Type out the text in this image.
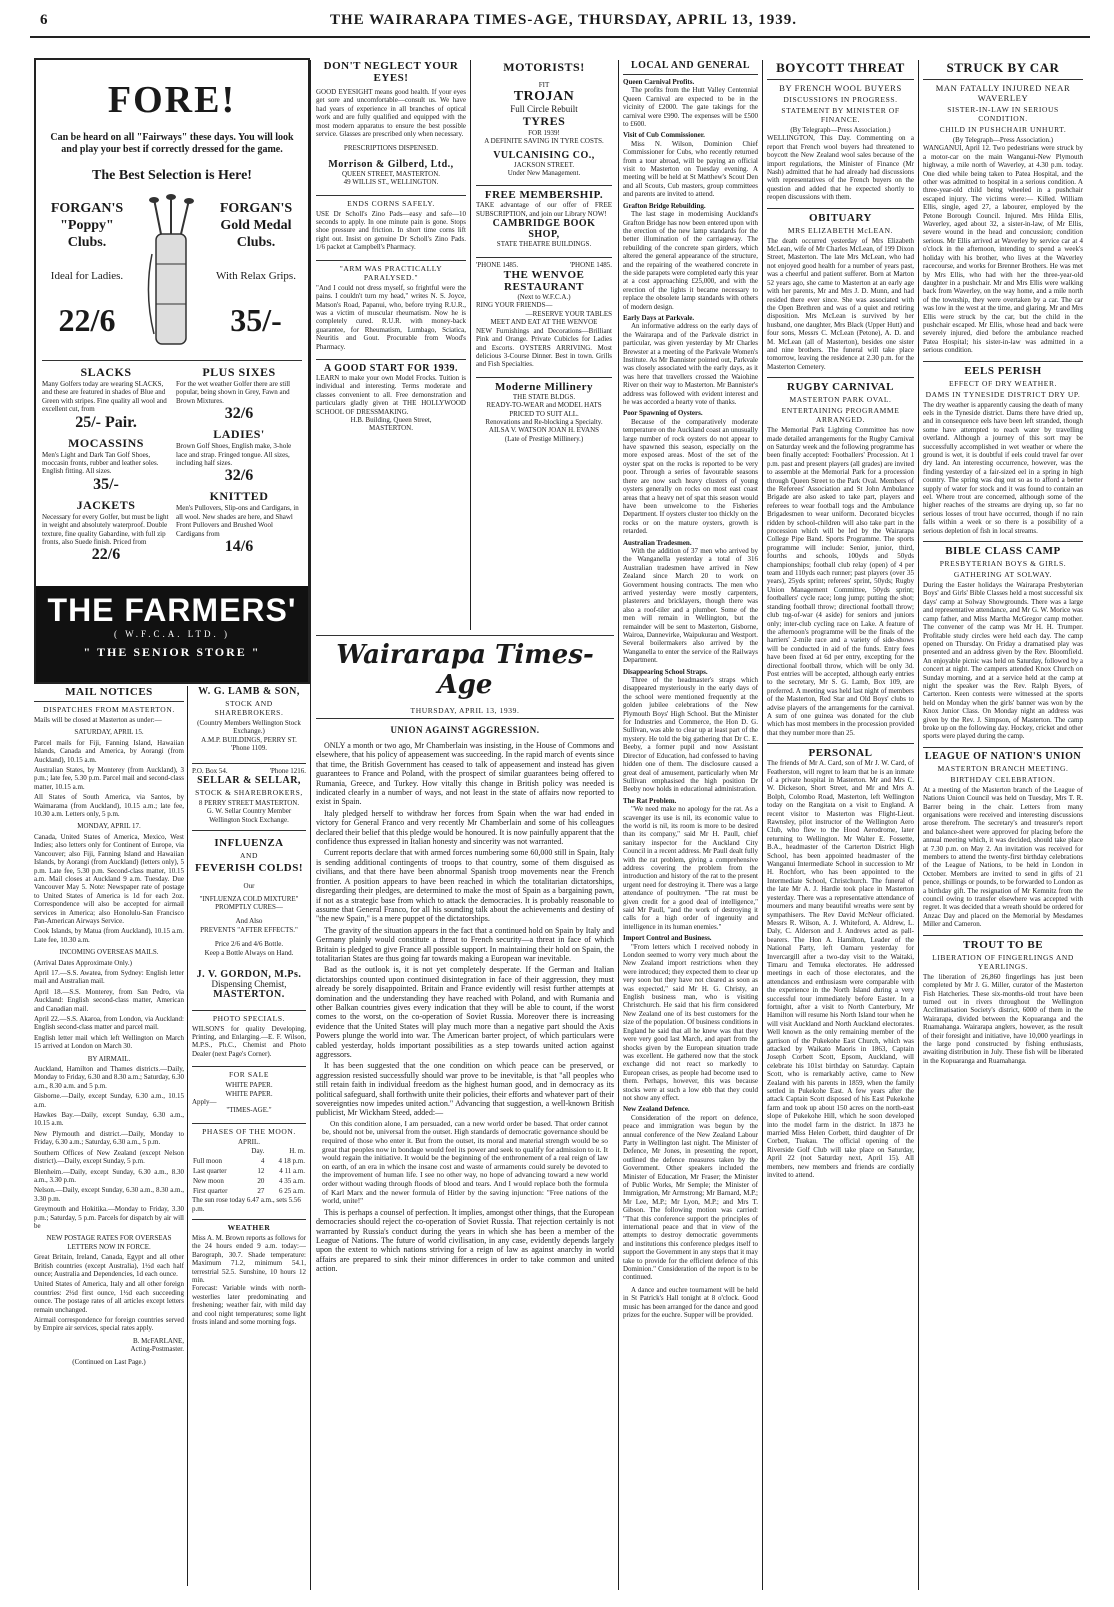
6	THE WAIRARAPA TIMES-AGE, THURSDAY, APRIL 13, 1939.
FORE!
Can be heard on all "Fairways" these days. You will look and play your best if correctly dressed for the game.
The Best Selection is Here!
FORGAN'S "Poppy" Clubs.
Ideal for Ladies.
22/6
FORGAN'S Gold Medal Clubs.
With Relax Grips.
35/-
SLACKS
Many Golfers today are wearing SLACKS, and these are featured in shades of Blue and Green with stripes. Fine quality all wool and excellent cut, from
25/- Pair.
MOCASSINS
Men's Light and Dark Tan Golf Shoes, moccasin fronts, rubber and leather soles. English fitting. All sizes.
35/-
JACKETS
Necessary for every Golfer, but must be light in weight and absolutely waterproof. Double texture, fine quality Gabardine, with full zip fronts, also Suede finish. Priced from
22/6
PLUS SIXES
For the wet weather Golfer there are still popular, being shown in Grey, Fawn and Brown Mixtures.
32/6
LADIES'
Brown Golf Shoes, English make, 3-hole lace and strap. Fringed tongue. All sizes, including half sizes.
32/6
KNITTED
Men's Pullovers, Slip-ons and Cardigans, in all wool. New shades are here, and Shawl Front Pullovers and Brushed Wool Cardigans from
14/6
THE FARMERS'
( W.F.C.A. LTD. )
" THE SENIOR STORE "
MAIL NOTICES
DISPATCHES FROM MASTERTON.

Mails will be closed at Masterton as under:—

SATURDAY, APRIL 15.

Parcel mails for Fiji, Fanning Island, Hawaiian Islands, Canada and America, by Aorangi (from Auckland), 10.15 a.m.

Australian States, by Monterey (from Auckland), 3 p.m.; late fee, 5.30 p.m. Parcel mail and second-class matter, 10.15 a.m.

All States of South America, via Santos, by Waimarama (from Auckland), 10.15 a.m.; late fee, 10.30 a.m. Letters only, 5 p.m.

MONDAY, APRIL 17.

Canada, United States of America, Mexico, West Indies; also letters only for Continent of Europe, via Vancouver; also Fiji, Fanning Island and Hawaiian Islands, by Aorangi (from Auckland) (letters only), 5 p.m. Late fee, 5.30 p.m. Second-class matter, 10.15 a.m. Mail closes at Auckland 9 a.m. Tuesday. Due Vancouver May 5. Note: Newspaper rate of postage to United States of America is 1d for each 2oz. Correspondence will also be accepted for airmail services in America; also Honolulu-San Francisco Pan-American Airways Service.

Cook Islands, by Matua (from Auckland), 10.15 a.m. Late fee, 10.30 a.m.

INCOMING OVERSEAS MAILS.

(Arrival Dates Approximate Only.)

April 17.—S.S. Awatea, from Sydney: English letter mail and Australian mail.

April 18.—S.S. Monterey, from San Pedro, via Auckland: English second-class matter, American and Canadian mail.

April 22.—S.S. Akaroa, from London, via Auckland: English second-class matter and parcel mail.

English letter mail which left Wellington on March 15 arrived at London on March 30.

BY AIRMAIL.

Auckland, Hamilton and Thames districts.—Daily, Monday to Friday, 6.30 and 8.30 a.m.; Saturday, 6.30 a.m., 8.30 a.m. and 5 p.m.

Gisborne.—Daily, except Sunday, 6.30 a.m., 10.15 a.m.

Hawkes Bay.—Daily, except Sunday, 6.30 a.m., 10.15 a.m.

New Plymouth and district.—Daily, Monday to Friday, 6.30 a.m.; Saturday, 6.30 a.m., 5 p.m.

Southern Offices of New Zealand (except Nelson district).—Daily, except Sunday, 5 p.m.

Blenheim.—Daily, except Sunday, 6.30 a.m., 8.30 a.m., 3.30 p.m.

Nelson.—Daily, except Sunday, 6.30 a.m., 8.30 a.m., 3.30 p.m.

Greymouth and Hokitika.—Monday to Friday, 3.30 p.m.; Saturday, 5 p.m. Parcels for dispatch by air will be

NEW POSTAGE RATES FOR OVERSEAS LETTERS NOW IN FORCE.

Great Britain, Ireland, Canada, Egypt and all other British countries (except Australia), 1½d each half ounce; Australia and Dependencies, 1d each ounce.

United States of America, Italy and all other foreign countries: 2½d first ounce, 1½d each succeeding ounce. The postage rates of all articles except letters remain unchanged.

Airmail correspondence for foreign countries served by Empire air services, special rates apply.

B. McFARLANE,
Acting-Postmaster.
(Continued on Last Page.)
W. G. LAMB & SON,
STOCK AND SHAREBROKERS.
(Country Members Wellington Stock Exchange.)
A.M.P. BUILDINGS, PERRY ST.
'Phone 1109.
P.O. Box 54.	'Phone 1216.
SELLAR & SELLAR,
STOCK & SHAREBROKERS,
8 PERRY STREET MASTERTON.
G. W. Sellar Country Member Wellington Stock Exchange.
INFLUENZA
AND
FEVERISH COLDS!
Our
"INFLUENZA COLD MIXTURE"
PROMPTLY CURES—
And Also
PREVENTS "AFTER EFFECTS."
Price 2/6 and 4/6 Bottle.
Keep a Bottle Always on Hand.
J. V. GORDON, M.Ps.
Dispensing Chemist,
MASTERTON.
PHOTO SPECIALS.
WILSON'S for quality Developing, Printing, and Enlarging.—E. F. Wilson, M.P.S., Ph.C., Chemist and Photo Dealer (next Page's Corner).
FOR SALE
WHITE PAPER.
WHITE PAPER.
Apply—
"TIMES-AGE."
PHASES OF THE MOON.
APRIL.
	Day.	H. m.
Full moon	4	4 18 p.m.
Last quarter	12	4 11 a.m.
New moon	20	4 35 a.m.
First quarter	27	6 25 a.m.
The sun rose today 6.47 a.m., sets 5.56 p.m.
WEATHER
Miss A. M. Brown reports as follows for the 24 hours ended 9 a.m. today:— Barograph, 30.7. Shade temperature: Maximum 71.2, minimum 54.1, terrestrial 52.5. Sunshine, 10 hours 12 min.
Forecast: Variable winds with north-westerlies later predominating and freshening; weather fair, with mild day and cool night temperatures; some light frosts inland and some morning fogs.
DON'T NEGLECT YOUR EYES!
GOOD EYESIGHT means good health. If your eyes get sore and uncomfortable—consult us. We have had years of experience in all branches of optical work and are fully qualified and equipped with the most modern apparatus to ensure the best possible service. Glasses are prescribed only when necessary.
PRESCRIPTIONS DISPENSED.
Morrison & Gilberd, Ltd.,
QUEEN STREET, MASTERTON.
49 WILLIS ST., WELLINGTON.
ENDS CORNS SAFELY.
USE Dr Scholl's Zino Pads—easy and safe—10 seconds to apply. In one minute pain is gone. Stops shoe pressure and friction. In short time corns lift right out. Insist on genuine Dr Scholl's Zino Pads. 1/6 packet at Campbell's Pharmacy.
"ARM WAS PRACTICALLY PARALYSED."
"And I could not dress myself, so frightful were the pains. I couldn't turn my head," writes N. S. Joyce, Matson's Road, Papanui, who, before trying R.U.R., was a victim of muscular rheumatism. Now he is completely cured. R.U.R. with money-back guarantee, for Rheumatism, Lumbago, Sciatica, Neuritis and Gout. Procurable from Wood's Pharmacy.
A GOOD START FOR 1939.
LEARN to make your own Model Frocks. Tuition is individual and interesting. Terms moderate and classes convenient to all. Free demonstration and particulars gladly given at THE HOLLYWOOD SCHOOL OF DRESSMAKING.
H.B. Building, Queen Street,
MASTERTON.
MOTORISTS!
FIT
TROJAN
Full Circle Rebuilt
TYRES
FOR 1939!
A DEFINITE SAVING IN TYRE COSTS.
VULCANISING CO.,
JACKSON STREET.
Under New Management.
FREE MEMBERSHIP.
TAKE advantage of our offer of FREE SUBSCRIPTION, and join our Library NOW!
CAMBRIDGE BOOK SHOP,
STATE THEATRE BUILDINGS.
'PHONE 1485.	'PHONE 1485.
THE WENVOE RESTAURANT
(Next to W.F.C.A.)
RING YOUR FRIENDS—
—RESERVE YOUR TABLES
MEET AND EAT AT THE WENVOE
NEW Furnishings and Decorations—Brilliant Pink and Orange. Private Cubicles for Ladies and Escorts. OYSTERS ARRIVING. Most delicious 3-Course Dinner. Best in town. Grills and Fish Specialties.
Moderne Millinery
THE STATE BLDGS.
READY-TO-WEAR and MODEL HATS PRICED TO SUIT ALL.
Renovations and Re-blocking a Specialty.
AILSA V. WATSON JOAN H. EVANS
(Late of Prestige Millinery.)
Wairarapa Times-Age
THURSDAY, APRIL 13, 1939.
UNION AGAINST AGGRESSION.

ONLY a month or two ago, Mr Chamberlain was insisting, in the House of Commons and elsewhere, that his policy of appeasement was succeeding. In the rapid march of events since that time, the British Government has ceased to talk of appeasement and instead has given guarantees to France and Poland, with the prospect of similar guarantees being offered to Rumania, Greece, and Turkey. How vitally this change in British policy was needed is indicated clearly in a number of ways, and not least in the state of affairs now reported to exist in Spain.

Italy pledged herself to withdraw her forces from Spain when the war had ended in victory for General Franco and very recently Mr Chamberlain and some of his colleagues declared their belief that this pledge would be honoured. It is now painfully apparent that the confidence thus expressed in Italian honesty and sincerity was not warranted.

Current reports declare that with armed forces numbering some 60,000 still in Spain, Italy is sending additional contingents of troops to that country, some of them disguised as civilians, and that there have been abnormal Spanish troop movements near the French frontier. A position appears to have been reached in which the totalitarian dictatorships, disregarding their pledges, are determined to make the most of Spain as a bargaining pawn, if not as a strategic base from which to attack the democracies. It is probably reasonable to assume that General Franco, for all his sounding talk about the achievements and destiny of "the new Spain," is a mere puppet of the dictatorships.

The gravity of the situation appears in the fact that a continued hold on Spain by Italy and Germany plainly would constitute a threat to French security—a threat in face of which Britain is pledged to give France all possible support. In maintaining their hold on Spain, the totalitarian States are thus going far towards making a European war inevitable.

Bad as the outlook is, it is not yet completely desperate. If the German and Italian dictatorships counted upon continued disintegration in face of their aggression, they must already be sorely disappointed. Britain and France evidently will resist further attempts at domination and the understanding they have reached with Poland, and with Rumania and other Balkan countries gives every indication that they will be able to count, if the worst comes to the worst, on the co-operation of Soviet Russia. Moreover there is increasing evidence that the United States will play much more than a negative part should the Axis Powers plunge the world into war. The American barter project, of which particulars were cabled yesterday, holds important possibilities as a step towards united action against aggressors.

It has been suggested that the one condition on which peace can be preserved, or aggression resisted successfully should war prove to be inevitable, is that "all peoples who still retain faith in individual freedom as the highest human good, and in democracy as its political safeguard, shall forthwith unite their policies, their efforts and whatever part of their sovereignties now impedes united action." Advancing that suggestion, a well-known British publicist, Mr Wickham Steed, added:—

On this condition alone, I am persuaded, can a new world order be based. That order cannot be, should not be, universal from the outset. High standards of democratic governance should be required of those who enter it. But from the outset, its moral and material strength would be so great that peoples now in bondage would feel its power and seek to qualify for admission to it. It would regain the initiative. It would be the beginning of the enthronement of a real reign of law on earth, of an era in which the insane cost and waste of armaments could surely be devoted to the improvement of human life. I see no other way, no hope of advancing toward a new world order without wading through floods of blood and tears. And I would replace both the formula of Karl Marx and the newer formula of Hitler by the saving injunction: "Free nations of the world, unite!"

This is perhaps a counsel of perfection. It implies, amongst other things, that the European democracies should reject the co-operation of Soviet Russia. That rejection certainly is not warranted by Russia's conduct during the years in which she has been a member of the League of Nations. The future of world civilisation, in any case, evidently depends largely upon the extent to which nations striving for a reign of law as against anarchy in world affairs are prepared to sink their minor differences in order to take common and united action.

LOCAL AND GENERAL
Queen Carnival Profits.

The profits from the Hutt Valley Centennial Queen Carnival are expected to be in the vicinity of £2000. The gate takings for the carnival were £990. The expenses will be £500 to £600.

Visit of Cub Commissioner.

Miss N. Wilson, Dominion Chief Commissioner for Cubs, who recently returned from a tour abroad, will be paying an official visit to Masterton on Tuesday evening. A meeting will be held at St Matthew's Scout Den and all Scouts, Cub masters, group committees and parents are invited to attend.

Grafton Bridge Rebuilding.

The last stage in modernising Auckland's Grafton Bridge has now been entered upon with the erection of the new lamp standards for the better illumination of the carriageway. The rebuilding of the concrete span girders, which altered the general appearance of the structure, and the repairing of the weathered concrete in the side parapets were completed early this year at a cost approaching £25,000, and with the erection of the lights it became necessary to replace the obsolete lamp standards with others of modern design.

Early Days at Parkvale.

An informative address on the early days of the Wairarapa and of the Parkvale district in particular, was given yesterday by Mr Charles Brewster at a meeting of the Parkvale Women's Institute. As Mr Bannister pointed out, Parkvale was closely associated with the early days, as it was here that travellers crossed the Waiohine River on their way to Masterton. Mr Bannister's address was followed with evident interest and he was accorded a hearty vote of thanks.

Poor Spawning of Oysters.

Because of the comparatively moderate temperature on the Auckland coast an unusually large number of rock oysters do not appear to have spawned this season, especially on the more exposed areas. Most of the set of the oyster spat on the rocks is reported to be very poor. Through a series of favourable seasons there are now such heavy clusters of young oysters generally on rocks on most east coast areas that a heavy net of spat this season would have been unwelcome to the Fisheries Department. If oysters cluster too thickly on the rocks or on the mature oysters, growth is retarded.

Australian Tradesmen.

With the addition of 37 men who arrived by the Wanganella yesterday a total of 316 Australian tradesmen have arrived in New Zealand since March 20 to work on Government housing contracts. The men who arrived yesterday were mostly carpenters, plasterers and bricklayers, though there was also a roof-tiler and a plumber. Some of the men will remain in Wellington, but the remainder will be sent to Masterton, Gisborne, Wairoa, Dannevirke, Waipukurau and Westport. Several boilermakers also arrived by the Wanganella to enter the service of the Railways Department.

Disappearing School Straps.

Three of the headmaster's straps which disappeared mysteriously in the early days of the school were mentioned frequently at the golden jubilee celebrations of the New Plymouth Boys' High School. But the Minister for Industries and Commerce, the Hon D. G. Sullivan, was able to clear up at least part of the mystery. He told the big gathering that Dr C. E. Beeby, a former pupil and now Assistant Director of Education, had confessed to having hidden one of them. The disclosure caused a great deal of amusement, particularly when Mr Sullivan emphasised the high position Dr Beeby now holds in educational administration.

The Rat Problem.

"We need make no apology for the rat. As a scavenger its use is nil, its economic value to the world is nil, its room is more to be desired than its company," said Mr H. Paull, chief sanitary inspector for the Auckland City Council in a recent address. Mr Paull dealt fully with the rat problem, giving a comprehensive address covering the problem from the introduction and history of the rat to the present urgent need for destroying it. There was a large attendance of poultrymen. "The rat must be given credit for a good deal of intelligence," said Mr Paull, "and the work of destroying it calls for a high order of ingenuity and intelligence in its human enemies."

Import Control and Business.

"From letters which I received nobody in London seemed to worry very much about the New Zealand import restrictions when they were introduced; they expected them to clear up very soon but they have not cleared as soon as was expected," said Mr H. G. Christy, an English business man, who is visiting Christchurch. He said that his firm considered New Zealand one of its best customers for the size of the population. Of business conditions in England he said that all he knew was that they were very good last March, and apart from the shocks given by the European situation trade was excellent. He gathered now that the stock exchange did not react so markedly to European crises, as people had become used to them. Perhaps, however, this was because stocks were at such a low ebb that they could not show any effect.

New Zealand Defence.

Consideration of the report on defence, peace and immigration was begun by the annual conference of the New Zealand Labour Party in Wellington last night. The Minister of Defence, Mr Jones, in presenting the report, outlined the defence measures taken by the Government. Other speakers included the Minister of Education, Mr Fraser; the Minister of Public Works, Mr Semple; the Minister of Immigration, Mr Armstrong; Mr Barnard, M.P.; Mr Lee, M.P.; Mr Lyon, M.P.; and Mrs T. Gibson. The following motion was carried: "That this conference support the principles of international peace and that in view of the attempts to destroy democratic governments and institutions this conference pledges itself to support the Government in any steps that it may take to provide for the efficient defence of this Dominion." Consideration of the report is to be continued.

A dance and euchre tournament will be held in St Patrick's Hall tonight at 8 o'clock. Good music has been arranged for the dance and good prizes for the euchre. Supper will be provided.

BOYCOTT THREAT
BY FRENCH WOOL BUYERS
DISCUSSIONS IN PROGRESS.
STATEMENT BY MINISTER OF FINANCE.
(By Telegraph—Press Association.)
WELLINGTON, This Day. Commenting on a report that French wool buyers had threatened to boycott the New Zealand wool sales because of the import regulations, the Minister of Finance (Mr Nash) admitted that he had already had discussions with representatives of the French buyers on the question and added that he expected shortly to reopen discussions with them.
OBITUARY
MRS ELIZABETH McLEAN.
The death occurred yesterday of Mrs Elizabeth McLean, wife of Mr Charles McLean, of 199 Dixon Street, Masterton. The late Mrs McLean, who had not enjoyed good health for a number of years past, was a cheerful and patient sufferer. Born at Marton 52 years ago, she came to Masterton at an early age with her parents, Mr and Mrs J. D. Munn, and had resided there ever since. She was associated with the Open Brethren and was of a quiet and retiring disposition. Mrs McLean is survived by her husband, one daughter, Mrs Black (Upper Hutt) and four sons, Messrs C. McLean (Petone), A. D. and M. McLean (all of Masterton), besides one sister and nine brothers. The funeral will take place tomorrow, leaving the residence at 2.30 p.m. for the Masterton Cemetery.
RUGBY CARNIVAL
MASTERTON PARK OVAL.
ENTERTAINING PROGRAMME ARRANGED.
The Memorial Park Lighting Committee has now made detailed arrangements for the Rugby Carnival on Saturday week and the following programme has been finally accepted: Footballers' Procession. At 1 p.m. past and present players (all grades) are invited to assemble at the Memorial Park for a procession through Queen Street to the Park Oval. Members of the Referees' Association and St John Ambulance Brigade are also asked to take part, players and referees to wear football togs and the Ambulance Brigadesmen to wear uniform. Decorated bicycles ridden by school-children will also take part in the procession which will be led by the Wairarapa College Pipe Band. Sports Programme. The sports programme will include: Senior, junior, third, fourths and schools, 100yds and 50yds championships; football club relay (open) of 4 per team and 110yds each runner; past players (over 35 years), 25yds sprint; referees' sprint, 50yds; Rugby Union Management Committee, 50yds sprint; footballers' cycle race; long jump; putting the shot; standing football throw; directional football throw; club tug-of-war (4 aside) for seniors and juniors only; inter-club cycling race on Lake. A feature of the afternoon's programme will be the finals of the harriers' 2-mile race and a variety of side-shows will be conducted in aid of the funds. Entry fees have been fixed at 6d per entry, excepting for the directional football throw, which will be only 3d. Post entries will be accepted, although early entries to the secretary, Mr S. G. Lamb, Box 109, are preferred. A meeting was held last night of members of the Masterton, Red Star and Old Boys' clubs to advise players of the arrangements for the carnival. A sum of one guinea was donated for the club which has most members in the procession provided that they number more than 25.
PERSONAL
The friends of Mr A. Card, son of Mr J. W. Card, of Featherston, will regret to learn that he is an inmate of a private hospital in Masterton. Mr and Mrs C. W. Dickeson, Short Street, and Mr and Mrs A. Bolph, Colombo Road, Masterton, left Wellington today on the Rangitata on a visit to England. A recent visitor to Masterton was Flight-Lieut. Rawnsley, pilot instructor of the Wellington Aero Club, who flew to the Hood Aerodrome, later returning to Wellington. Mr Walter E. Fossette, B.A., headmaster of the Carterton District High School, has been appointed headmaster of the Wanganui Intermediate School in succession to Mr H. Rochfort, who has been appointed to the Intermediate School, Christchurch. The funeral of the late Mr A. J. Hardie took place in Masterton yesterday. There was a representative attendance of mourners and many beautiful wreaths were sent by sympathisers. The Rev David McNeur officiated. Messrs R. Wilson, A. J. Whiteford, A. Aldrew, L. Daly, C. Alderson and J. Andrews acted as pall-bearers. The Hon A. Hamilton, Leader of the National Party, left Oamaru yesterday for Invercargill after a two-day visit to the Waitaki, Timaru and Temuka electorates. He addressed meetings in each of those electorates, and the attendances and enthusiasm were comparable with the experience in the North Island during a very successful tour immediately before Easter. In a fortnight, after a visit to North Canterbury, Mr Hamilton will resume his North Island tour when he will visit Auckland and North Auckland electorates. Well known as the only remaining member of the garrison of the Pukekohe East Church, which was attacked by Waikato Maoris in 1863, Captain Joseph Corbett Scott, Epsom, Auckland, will celebrate his 101st birthday on Saturday. Captain Scott, who is remarkably active, came to New Zealand with his parents in 1859, when the family settled in Pukekohe East. A few years after the attack Captain Scott disposed of his East Pukekohe farm and took up about 150 acres on the north-east slope of Pukekohe Hill, which he soon developed into the model farm in the district. In 1873 he married Miss Helen Corbett, third daughter of Dr Corbett, Tuakau. The official opening of the Riverside Golf Club will take place on Saturday, April 22 (not Saturday next, April 15). All members, new members and friends are cordially invited to attend.
STRUCK BY CAR
MAN FATALLY INJURED NEAR WAVERLEY
SISTER-IN-LAW IN SERIOUS CONDITION.
CHILD IN PUSHCHAIR UNHURT.
(By Telegraph—Press Association.)
WANGANUI, April 12. Two pedestrians were struck by a motor-car on the main Wanganui-New Plymouth highway, a mile north of Waverley, at 4.30 p.m. today. One died while being taken to Patea Hospital, and the other was admitted to hospital in a serious condition. A three-year-old child being wheeled in a pushchair escaped injury. The victims were:— Killed. William Ellis, single, aged 27, a labourer, employed by the Petone Borough Council. Injured. Mrs Hilda Ellis, Waverley, aged about 32, a sister-in-law, of Mr Ellis, severe wound in the head and concussion; condition serious. Mr Ellis arrived at Waverley by service car at 4 o'clock in the afternoon, intending to spend a week's holiday with his brother, who lives at the Waverley racecourse, and works for Brenner Brothers. He was met by Mrs Ellis, who had with her the three-year-old daughter in a pushchair. Mr and Mrs Ellis were walking back from Waverley, on the way home, and a mile north of the township, they were overtaken by a car. The car was low in the west at the time, and glaring. Mr and Mrs Ellis were struck by the car, but the child in the pushchair escaped. Mr Ellis, whose head and back were severely injured, died before the ambulance reached Patea Hospital; his sister-in-law was admitted in a serious condition.
EELS PERISH
EFFECT OF DRY WEATHER.
DAMS IN TYNESIDE DISTRICT DRY UP.
The dry weather is apparently causing the death of many eels in the Tyneside district. Dams there have dried up, and in consequence eels have been left stranded, though some have attempted to reach water by travelling overland. Although a journey of this sort may be successfully accomplished in wet weather or where the ground is wet, it is doubtful if eels could travel far over dry land. An interesting occurrence, however, was the finding yesterday of a fair-sized eel in a spring in high country. The spring was dug out so as to afford a better supply of water for stock and it was found to contain an eel. Where trout are concerned, although some of the higher reaches of the streams are drying up, so far no serious losses of trout have occurred, though if no rain falls within a week or so there is a possibility of a serious depletion of fish in local streams.
BIBLE CLASS CAMP
PRESBYTERIAN BOYS & GIRLS.
GATHERING AT SOLWAY.
During the Easter holidays the Wairarapa Presbyterian Boys' and Girls' Bible Classes held a most successful six days' camp at Solway Showgrounds. There was a large and representative attendance, and Mr G. W. Morice was camp father, and Miss Martha McGregor camp mother. The convener of the camp was Mr H. H. Trumper. Profitable study circles were held each day. The camp opened on Thursday. On Friday a dramatised play was presented and an address given by the Rev. Bloomfield. An enjoyable picnic was held on Saturday, followed by a concert at night. The campers attended Knox Church on Sunday morning, and at a service held at the camp at night the speaker was the Rev. Ralph Byers, of Carterton. Keen contests were witnessed at the sports held on Monday when the girls' banner was won by the Knox Junior Class. On Monday night an address was given by the Rev. J. Simpson, of Masterton. The camp broke up on the following day. Hockey, cricket and other sports were played during the camp.
LEAGUE OF NATION'S UNION
MASTERTON BRANCH MEETING.
BIRTHDAY CELEBRATION.
At a meeting of the Masterton branch of the League of Nations Union Council was held on Tuesday, Mrs T. R. Barrer being in the chair. Letters from many organisations were received and interesting discussions arose therefrom. The secretary's and treasurer's report and balance-sheet were approved for placing before the annual meeting which, it was decided, should take place at 7.30 p.m. on May 2. An invitation was received for members to attend the twenty-first birthday celebrations of the League of Nations, to be held in London in October. Members are invited to send in gifts of 21 pence, shillings or pounds, to be forwarded to London as a birthday gift. The resignation of Mr Kemnitz from the council owing to transfer elsewhere was accepted with regret. It was decided that a wreath should be ordered for Anzac Day and placed on the Memorial by Mesdames Miller and Cameron.
TROUT TO BE
LIBERATION OF FINGERLINGS AND YEARLINGS.
The liberation of 26,860 fingerlings has just been completed by Mr J. G. Miller, curator of the Masterton Fish Hatcheries. These six-months-old trout have been turned out in rivers throughout the Wellington Acclimatisation Society's district, 6000 of them in the Wairarapa, divided between the Kopuaranga and the Ruamahanga. Wairarapa anglers, however, as the result of their foresight and initiative, have 10,000 yearlings in the large pond constructed by fishing enthusiasts, awaiting distribution in July. These fish will be liberated in the Kopuaranga and Ruamahanga.
